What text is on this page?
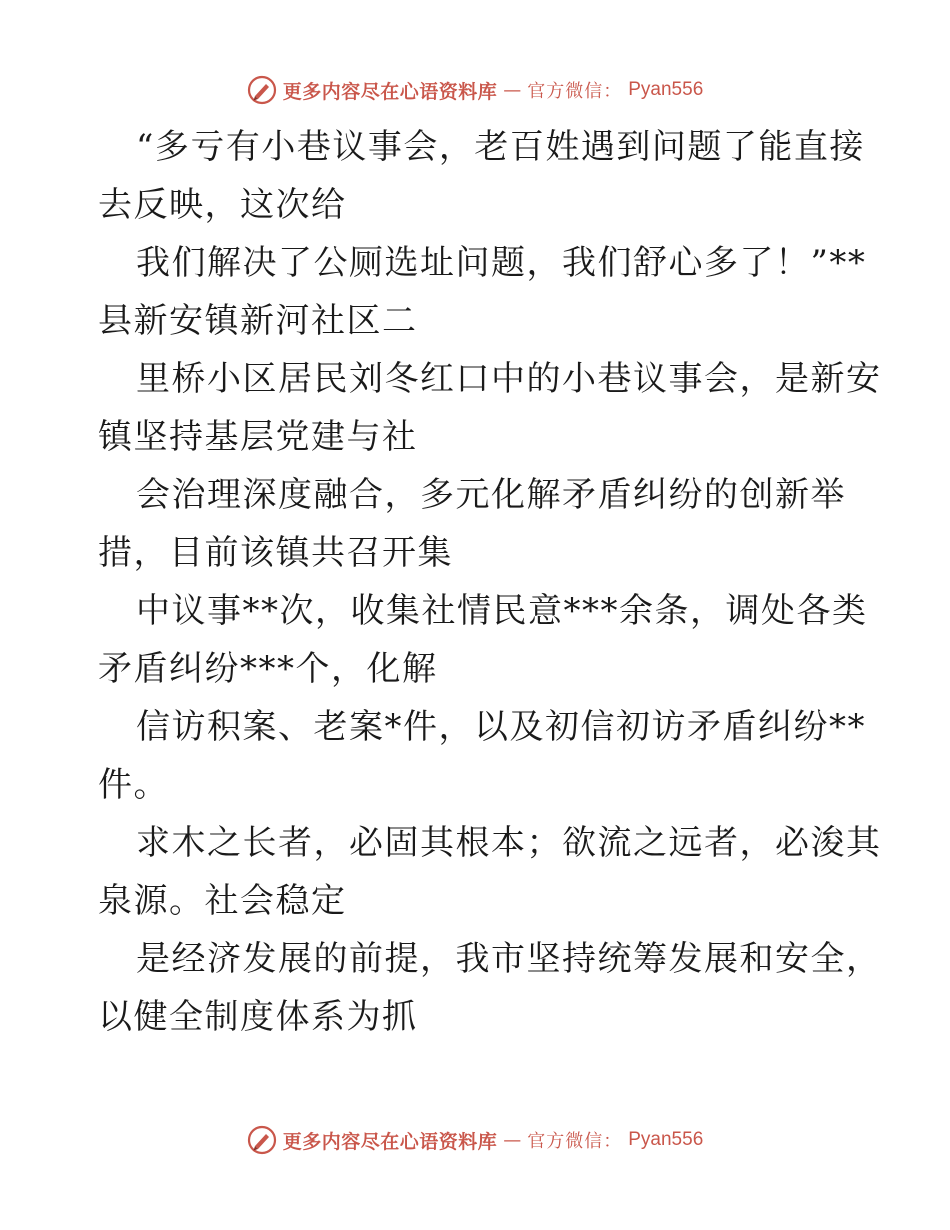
更多内容尽在心语资料库 — 官方微信： Pyan556
“多亏有小巷议事会，老百姓遇到问题了能直接
去反映，这次给
我们解决了公厕选址问题，我们舒心多了！”**
县新安镇新河社区二
里桥小区居民刘冬红口中的小巷议事会，是新安
镇坚持基层党建与社
会治理深度融合，多元化解矛盾纠纷的创新举
措，目前该镇共召开集
中议事**次，收集社情民意***余条，调处各类
矛盾纠纷***个，化解
信访积案、老案*件，以及初信初访矛盾纠纷**
件。
求木之长者，必固其根本；欲流之远者，必浚其
泉源。社会稳定
是经济发展的前提，我市坚持统筹发展和安全，
以健全制度体系为抓
更多内容尽在心语资料库 — 官方微信： Pyan556
